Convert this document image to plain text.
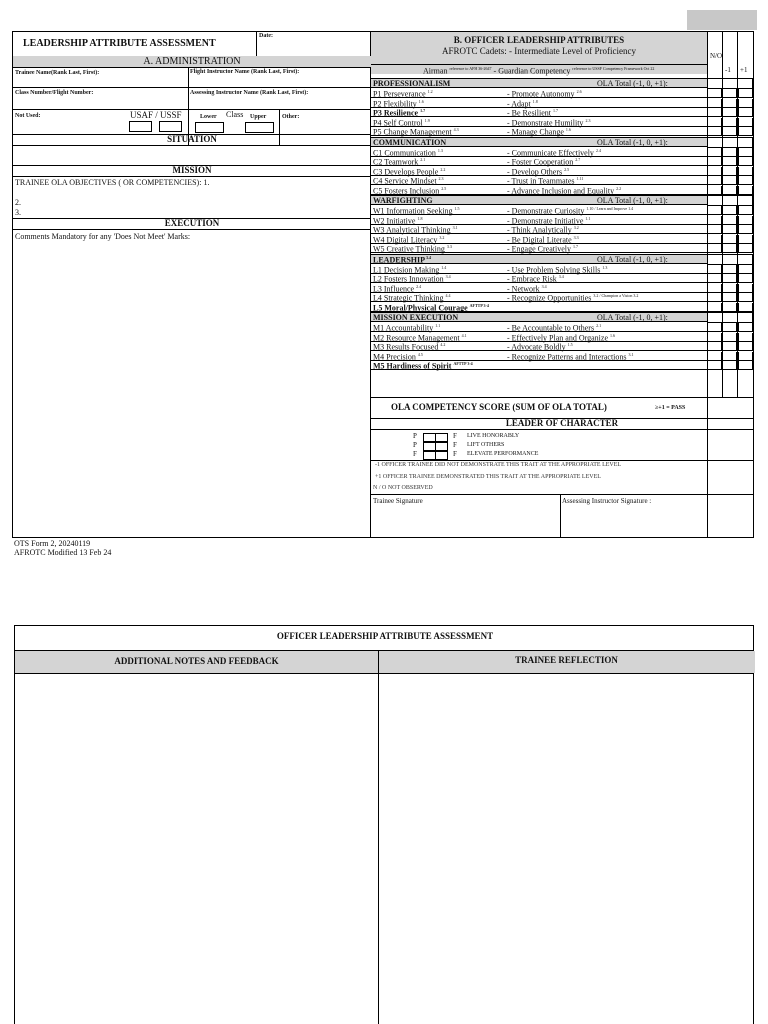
LEADERSHIP ATTRIBUTE ASSESSMENT
Date:
A. ADMINISTRATION
Trainee Name(Rank Last, First):	Flight Instructor Name (Rank Last, First):
Class Number/Flight Number:	Assessing Instructor Name (Rank Last, First):
Not Used:	USAF / USSF	Lower Class Upper	Other:
SITUATION
MISSION
TRAINEE OLA OBJECTIVES ( OR COMPETENCIES): 1.
2.
3.
EXECUTION
Comments Mandatory for any 'Does Not Meet' Marks:
B. OFFICER LEADERSHIP ATTRIBUTES
AFROTC Cadets: - Intermediate Level of Proficiency
Airman $^{reference to AFH 36-2647}$ - Guardian Competency $^{reference to USSF Competency Framework Oct 22}$
N/O
-1 +1
PROFESSIONALISM	OLA Total (-1, 0, +1):
P1 Perseverance $^{1.2}$	- Promote Autonomy $^{2.6}$
P2 Flexibility $^{1.6}$	- Adapt $^{1.8}$
P3 Resilience $^{1.7}$	- Be Resilient $^{1.7}$
P4 Self Control $^{1.9}$	- Demonstrate Humility $^{2.3}$
P5 Change Management $^{4.3}$	- Manage Change $^{1.6}$
COMMUNICATION	OLA Total (-1, 0, +1):
C1 Communication $^{1.3}$	- Communicate Effectively $^{2.4}$
C2 Teamwork $^{2.1}$	- Foster Cooperation $^{2.7}$
C3 Develops People $^{2.2}$	- Develop Others $^{2.5}$
C4 Service Mindset $^{2.3}$	- Trust in Teammates $^{1.11}$
C5 Fosters Inclusion $^{2.5}$	- Advance Inclusion and Equality $^{2.2}$
WARFIGHTING	OLA Total (-1, 0, +1):
W1 Information Seeking $^{1.5}$	- Demonstrate Curiosity $^{1.10 / Learn and Improve 1.4}$
W2 Initiative $^{1.8}$	- Demonstrate Initiative $^{1.1}$
W3 Analytical Thinking $^{3.1}$	- Think Analytically $^{3.2}$
W4 Digital Literacy $^{3.2}$	- Be Digital Literate $^{3.3}$
W5 Creative Thinking $^{3.3}$	- Engage Creatively $^{1.7}$
LEADERSHIP $^{3.4}$	OLA Total (-1, 0, +1):
L1 Decision Making $^{1.4}$	- Use Problem Solving Skills $^{1.3}$
L2 Fosters Innovation $^{3.4}$	- Embrace Risk $^{3.4}$
L3 Influence $^{2.4}$	- Network $^{3.4}$
L4 Strategic Thinking $^{4.4}$	- Recognize Opportunities $^{3.2 / Champion a Vision 3.2}$
L5 Moral/Physical Courage $^{AFTTP 3-4}$
MISSION EXECUTION	OLA Total (-1, 0, +1):
M1 Accountability $^{1.1}$	- Be Accountable to Others $^{2.1}$
M2 Resource Management $^{4.1}$	- Effectively Plan and Organize $^{1.6}$
M3 Results Focused $^{4.2}$	- Advocate Boldly $^{1.5}$
M4 Precision $^{4.5}$	- Recognize Patterns and Interactions $^{3.1}$
M5 Hardiness of Spirit $^{AFTTP 3-4}$
OLA COMPETENCY SCORE (SUM OF OLA TOTAL)	≥+1 = PASS
LEADER OF CHARACTER
P	F LIVE HONORABLY
P	F LIFT OTHERS
F	F ELEVATE PERFORMANCE
-1 OFFICER TRAINEE DID NOT DEMONSTRATE THIS TRAIT AT THE APPROPRIATE LEVEL
+1 OFFICER TRAINEE DEMONSTRATED THIS TRAIT AT THE APPROPRIATE LEVEL
N / O NOT OBSERVED
Trainee Signature	Assessing Instructor Signature :
OTS Form 2, 20240119
AFROTC Modified 13 Feb 24
OFFICER LEADERSHIP ATTRIBUTE ASSESSMENT
ADDITIONAL NOTES AND FEEDBACK	TRAINEE REFLECTION
